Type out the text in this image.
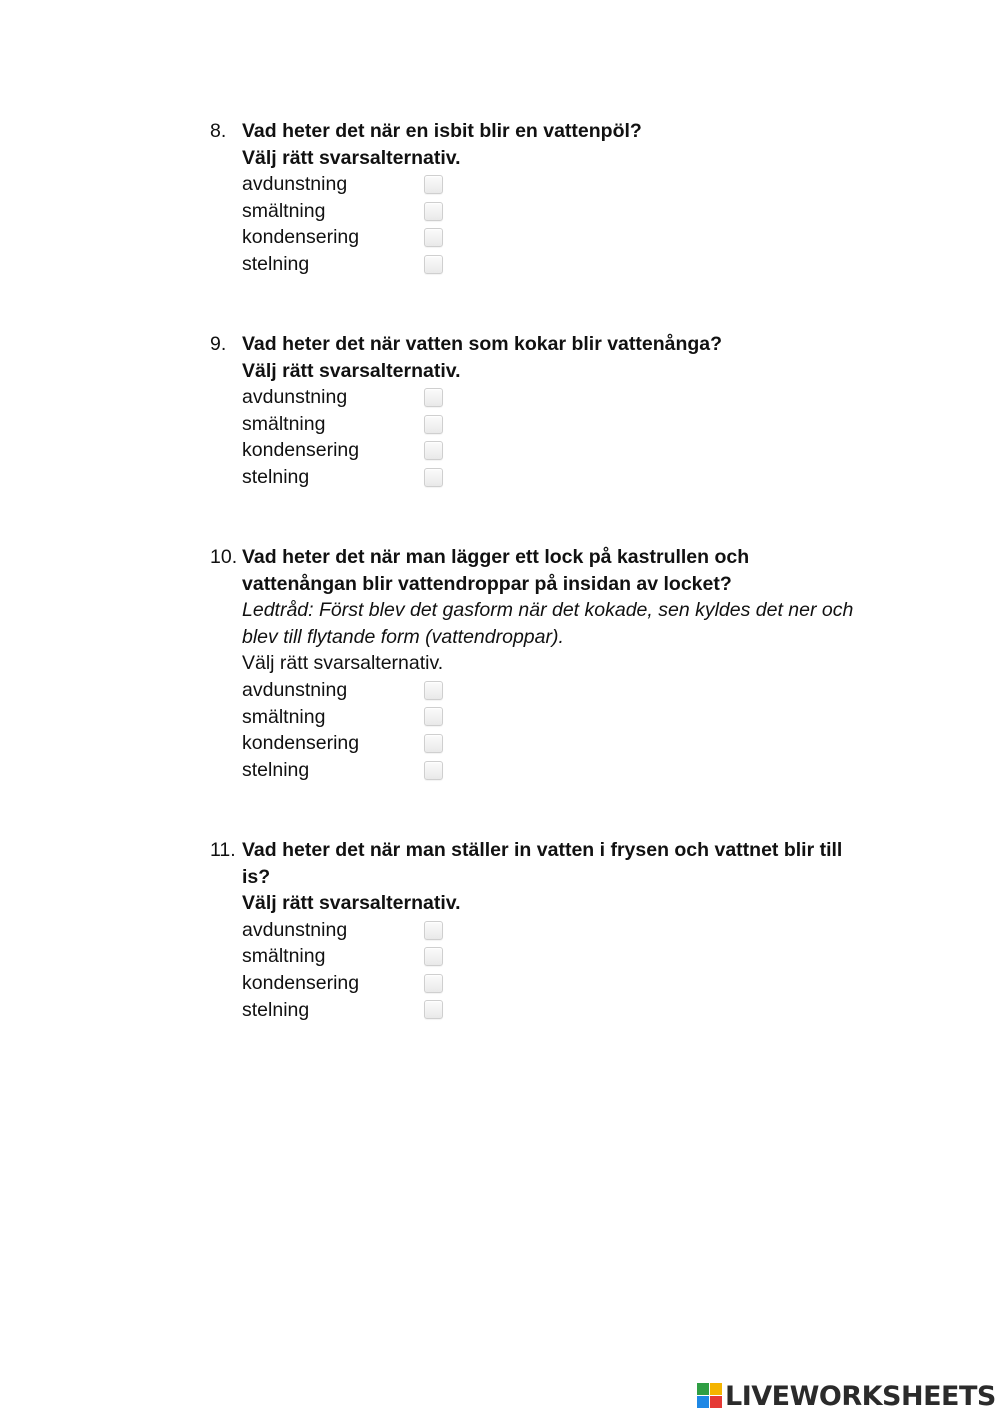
8. Vad heter det när en isbit blir en vattenpöl?
Välj rätt svarsalternativ.
avdunstning
smältning
kondensering
stelning
9. Vad heter det när vatten som kokar blir vattenånga?
Välj rätt svarsalternativ.
avdunstning
smältning
kondensering
stelning
10. Vad heter det när man lägger ett lock på kastrullen och
vattenångan blir vattendroppar på insidan av locket?
Ledtråd: Först blev det gasform när det kokade, sen kyldes det ner och
blev till flytande form (vattendroppar).
Välj rätt svarsalternativ.
avdunstning
smältning
kondensering
stelning
11. Vad heter det när man ställer in vatten i frysen och vattnet blir till
is?
Välj rätt svarsalternativ.
avdunstning
smältning
kondensering
stelning
LIVEWORKSHEETS
